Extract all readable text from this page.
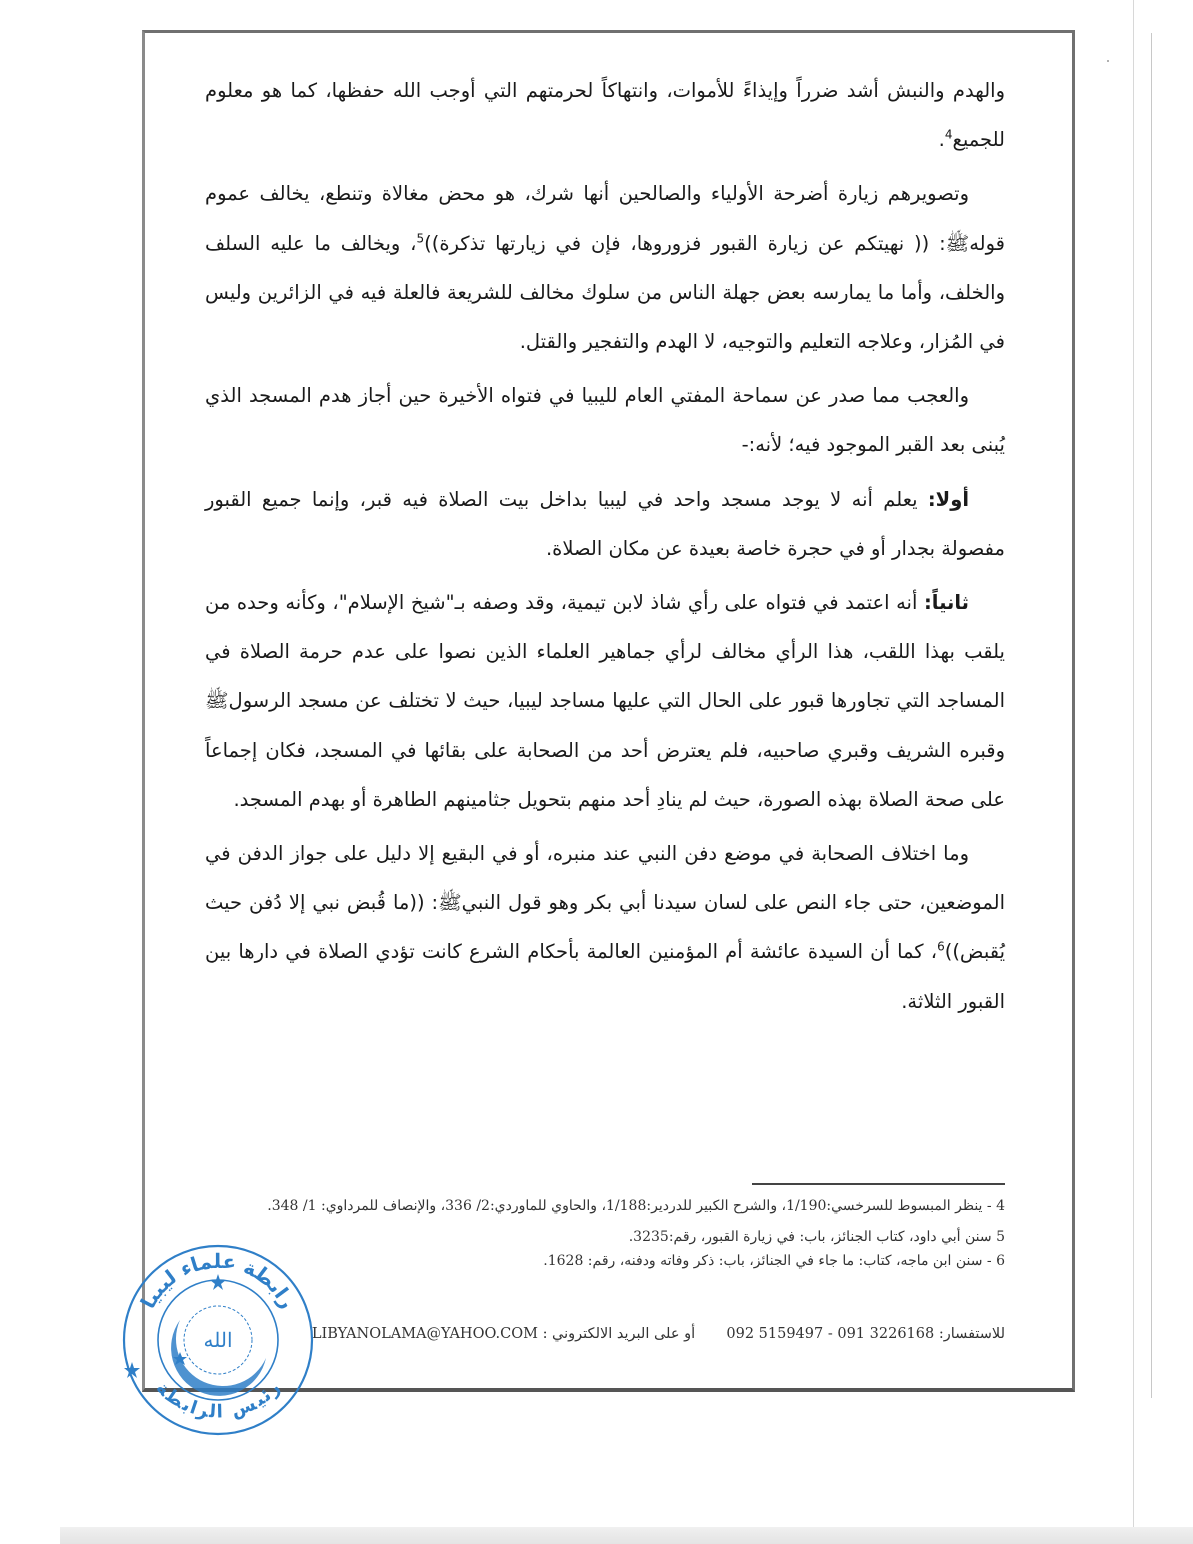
والهدم والنبش أشد ضرراً وإيذاءً للأموات، وانتهاكاً لحرمتهم التي أوجب الله حفظها، كما هو معلوم للجميع$^4$.

وتصويرهم زيارة أضرحة الأولياء والصالحين أنها شرك، هو محض مغالاة وتنطع، يخالف عموم قولهﷺ: (( نهيتكم عن زيارة القبور فزوروها، فإن في زيارتها تذكرة))$^5$، ويخالف ما عليه السلف والخلف، وأما ما يمارسه بعض جهلة الناس من سلوك مخالف للشريعة فالعلة فيه في الزائرين وليس في المُزار، وعلاجه التعليم والتوجيه، لا الهدم والتفجير والقتل.

والعجب مما صدر عن سماحة المفتي العام لليبيا في فتواه الأخيرة حين أجاز هدم المسجد الذي يُبنى بعد القبر الموجود فيه؛ لأنه:-

أولا: يعلم أنه لا يوجد مسجد واحد في ليبيا بداخل بيت الصلاة فيه قبر، وإنما جميع القبور مفصولة بجدار أو في حجرة خاصة بعيدة عن مكان الصلاة.

ثانياً: أنه اعتمد في فتواه على رأي شاذ لابن تيمية، وقد وصفه بـ"شيخ الإسلام"، وكأنه وحده من يلقب بهذا اللقب، هذا الرأي مخالف لرأي جماهير العلماء الذين نصوا على عدم حرمة الصلاة في المساجد التي تجاورها قبور على الحال التي عليها مساجد ليبيا، حيث لا تختلف عن مسجد الرسولﷺ وقبره الشريف وقبري صاحبيه، فلم يعترض أحد من الصحابة على بقائها في المسجد، فكان إجماعاً على صحة الصلاة بهذه الصورة، حيث لم ينادِ أحد منهم بتحويل جثامينهم الطاهرة أو بهدم المسجد.

وما اختلاف الصحابة في موضع دفن النبي عند منبره، أو في البقيع إلا دليل على جواز الدفن في الموضعين، حتى جاء النص على لسان سيدنا أبي بكر وهو قول النبيﷺ: ((ما قُبض نبي إلا دُفن حيث يُقبض))$^6$، كما أن السيدة عائشة أم المؤمنين العالمة بأحكام الشرع كانت تؤدي الصلاة في دارها بين القبور الثلاثة.

4 - ينظر المبسوط للسرخسي:1/190، والشرح الكبير للدردير:1/188، والحاوي للماوردي:2/ 336، والإنصاف للمرداوي: 1/ 348.

5 سنن أبي داود، كتاب الجنائز، باب: في زيارة القبور، رقم:3235.

6 - سنن ابن ماجه، كتاب: ما جاء في الجنائز، باب: ذكر وفاته ودفنه، رقم: 1628.

للاستفسار: 092 5159497 - 091 3226168  أو على البريد الالكتروني : LIBYANOLAMA@YAHOO.COM
الله
رابطة علماء ليبيا
رئيس الرابطة
